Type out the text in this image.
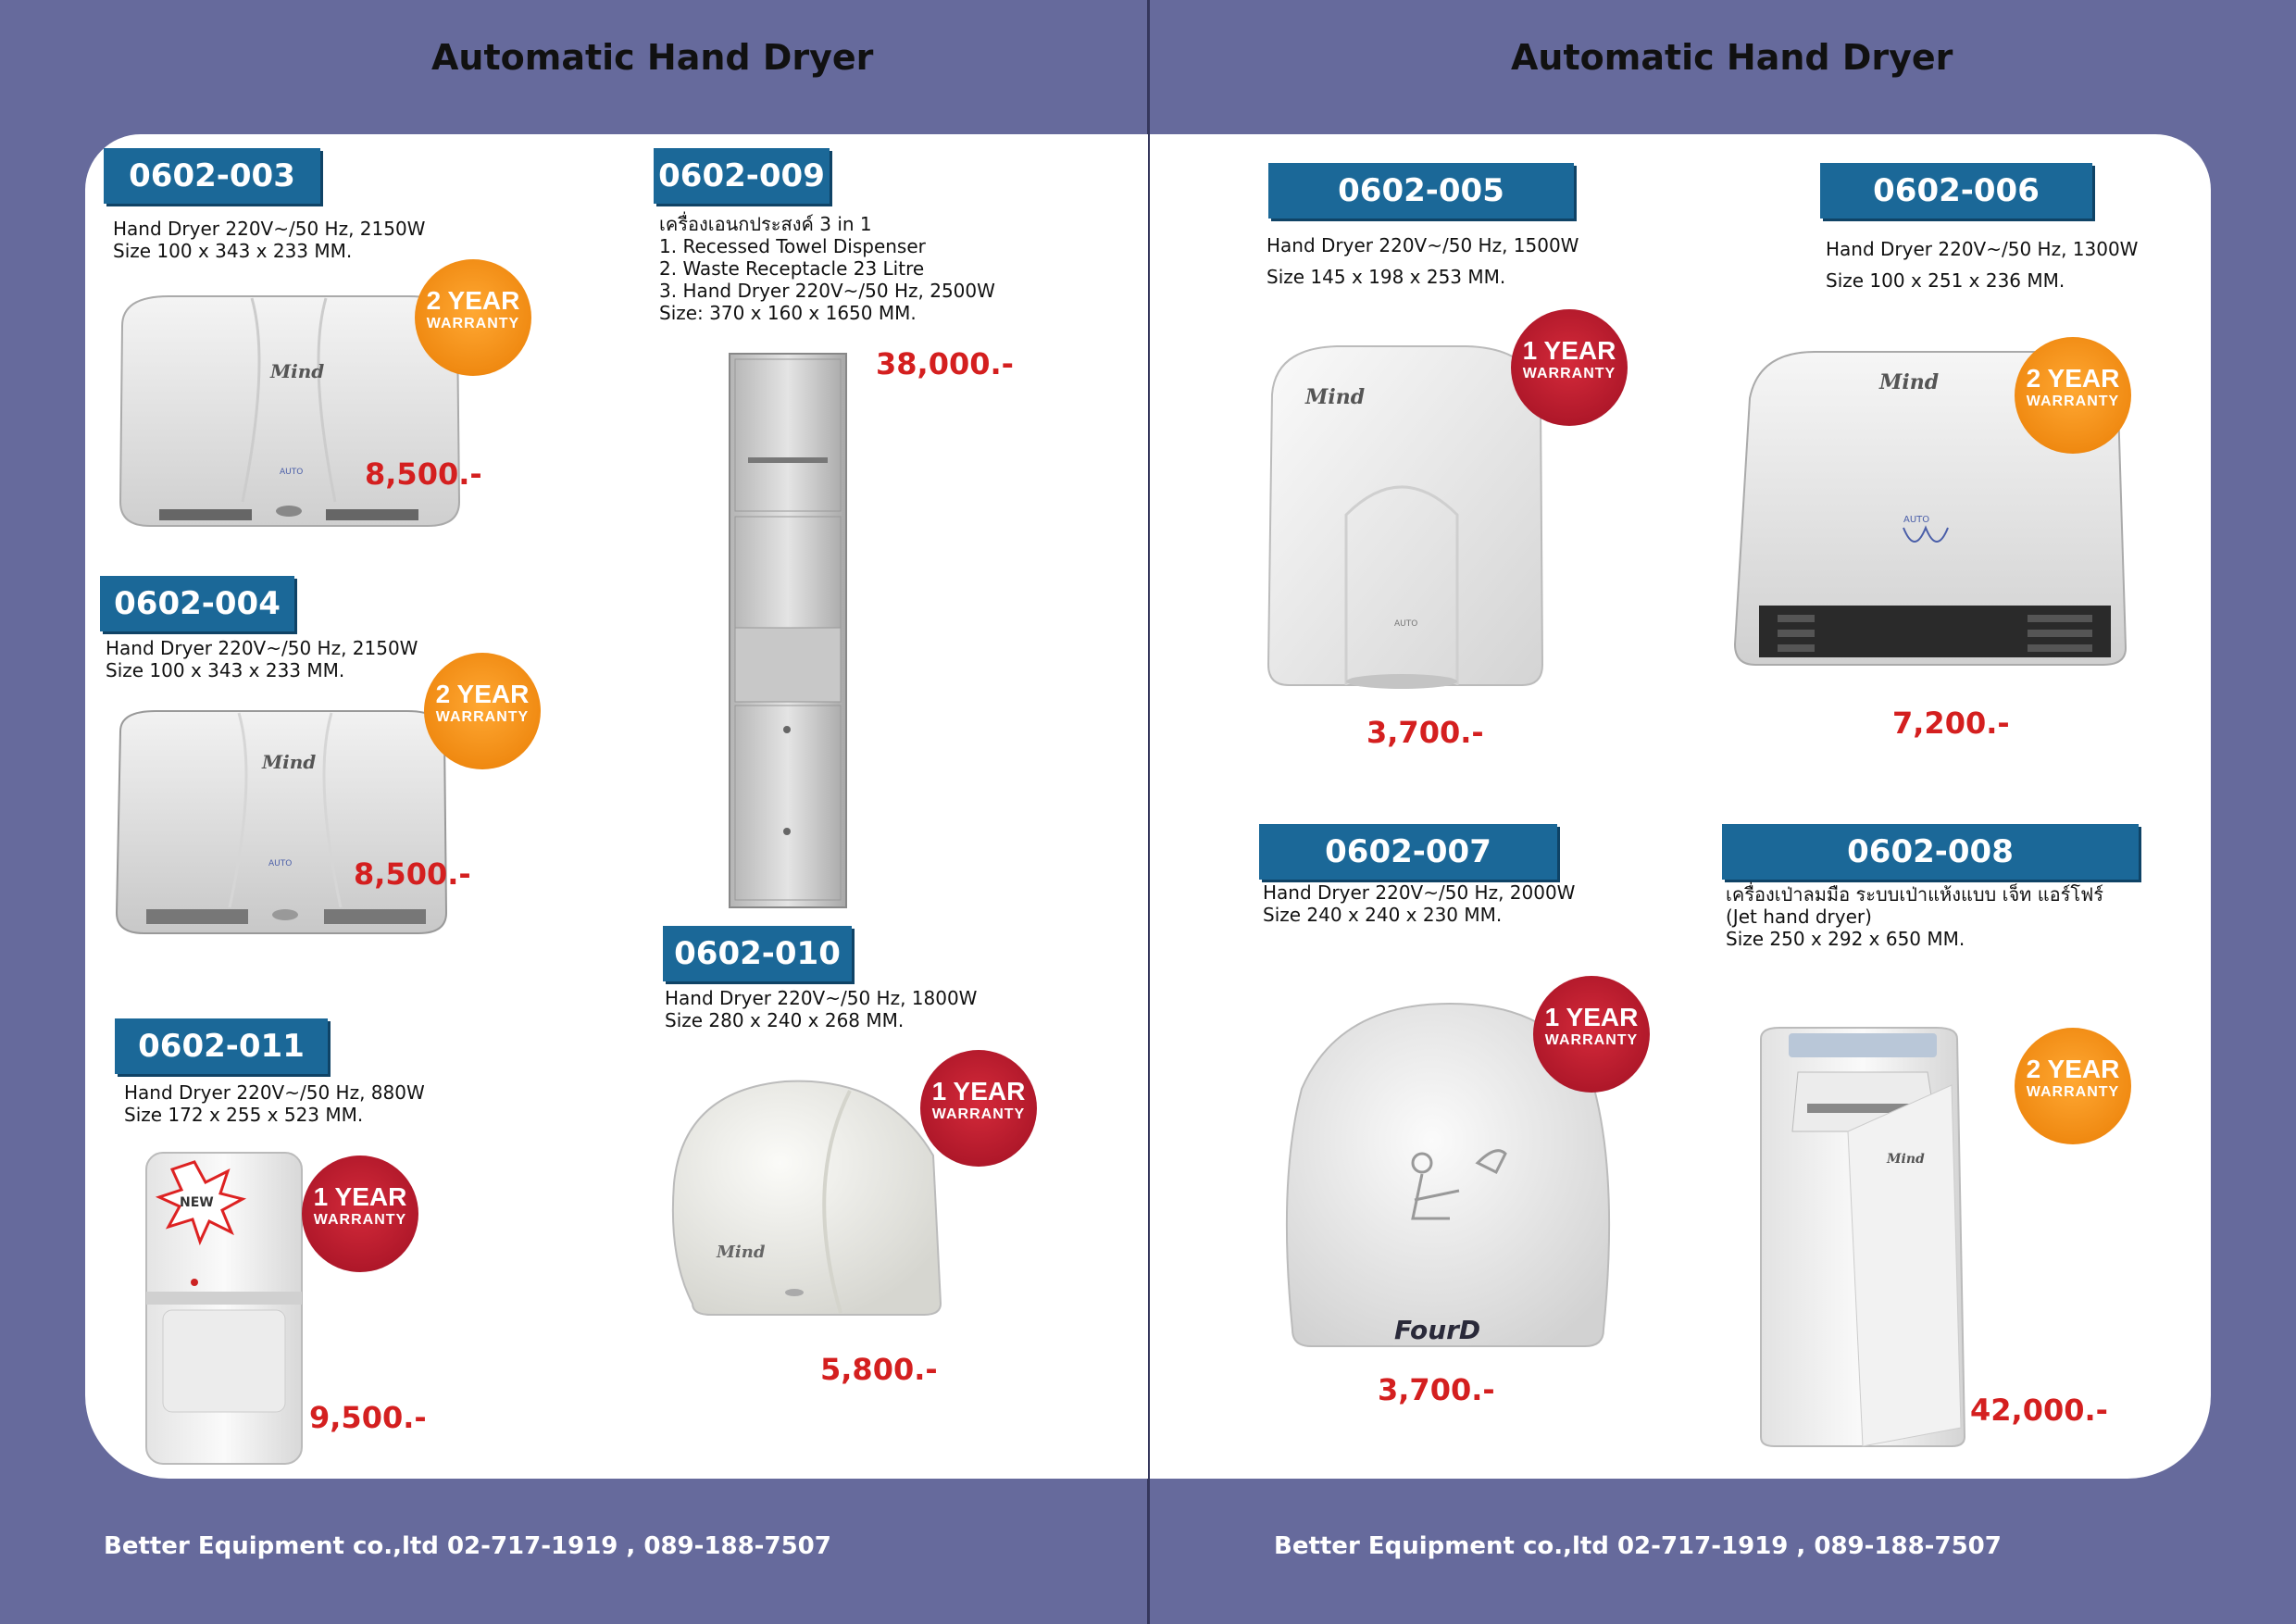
Automatic Hand Dryer	Automatic Hand Dryer
Better Equipment co.,ltd 02-717-1919 , 089-188-7507	Better Equipment co.,ltd 02-717-1919 , 089-188-7507
0602-003
Hand Dryer 220V~/50 Hz, 2150W
Size 100 x 343 x 233 MM.
Mind
AUTO
2 YEAR
WARRANTY
8,500.-
0602-004
Hand Dryer 220V~/50 Hz, 2150W
Size 100 x 343 x 233 MM.
Mind
AUTO
2 YEAR
WARRANTY
8,500.-
0602-011
Hand Dryer 220V~/50 Hz, 880W
Size 172 x 255 x 523 MM.
NEW	1 YEAR
WARRANTY
9,500.-
0602-009
เครื่องเอนกประสงค์ 3 in 1
1. Recessed Towel Dispenser
2. Waste Receptacle 23 Litre
3. Hand Dryer 220V~/50 Hz, 2500W
Size: 370 x 160 x 1650 MM.
38,000.-
0602-010
Hand Dryer 220V~/50 Hz, 1800W
Size 280 x 240 x 268 MM.
Mind
1 YEAR
WARRANTY
5,800.-
0602-005
Hand Dryer 220V~/50 Hz, 1500W
Size 145 x 198 x 253 MM.
Mind
AUTO
1 YEAR
WARRANTY
3,700.-
0602-006
Hand Dryer 220V~/50 Hz, 1300W
Size 100 x 251 x 236 MM.
Mind
AUTO
2 YEAR
WARRANTY
7,200.-
0602-007
Hand Dryer 220V~/50 Hz, 2000W
Size 240 x 240 x 230 MM.
FourD
1 YEAR
WARRANTY
3,700.-
0602-008
เครื่องเป่าลมมือ ระบบเป่าแห้งแบบ เจ็ท แอร์โฟร์
(Jet hand dryer)
Size 250 x 292 x 650 MM.
Mind
2 YEAR
WARRANTY
42,000.-
